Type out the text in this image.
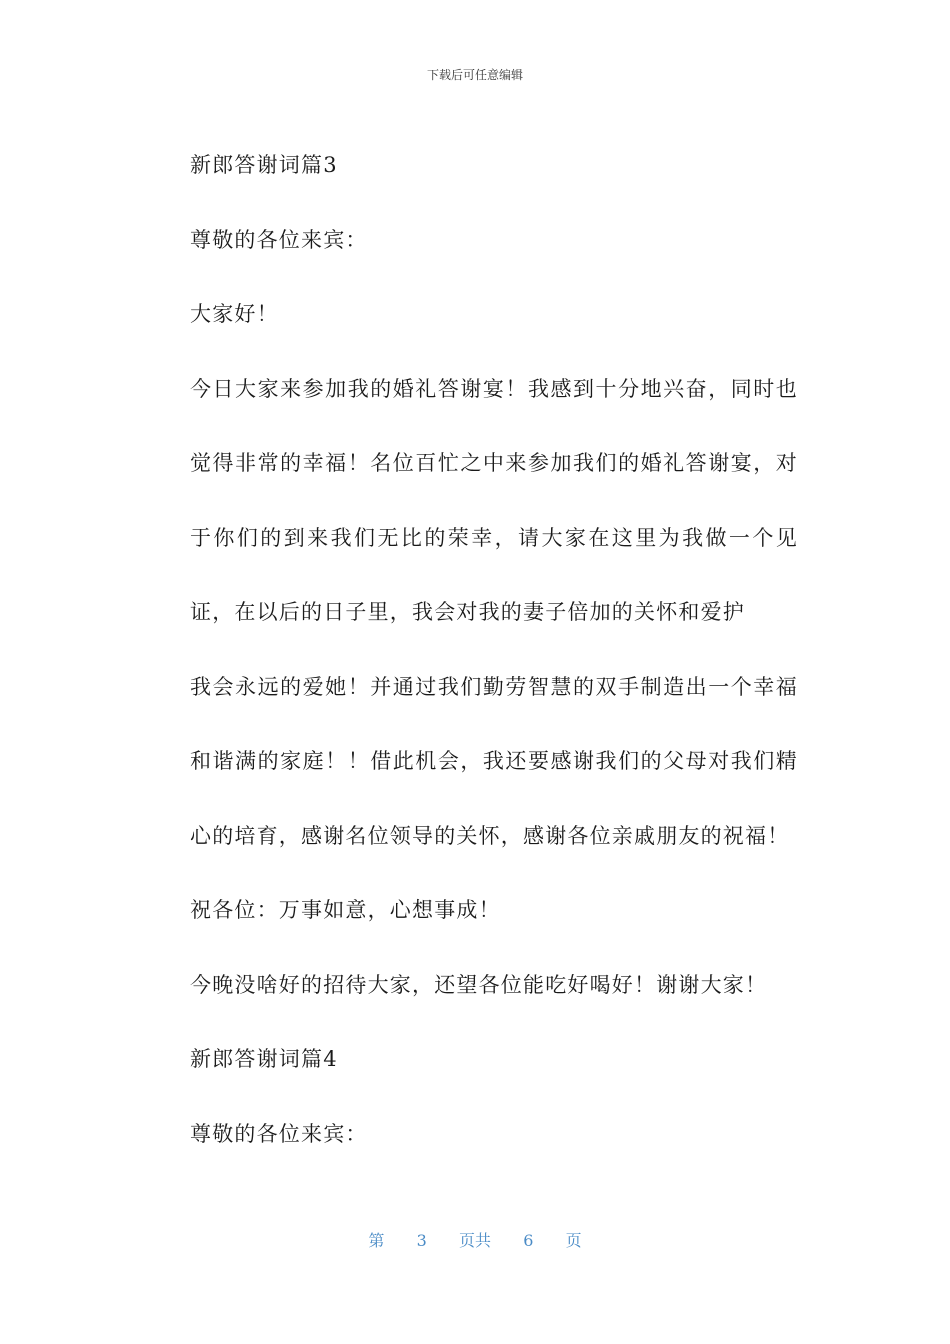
下载后可任意编辑

新郎答谢词篇3

尊敬的各位来宾：

大家好！

今日大家来参加我的婚礼答谢宴！我感到十分地兴奋，同时也觉得非常的幸福！名位百忙之中来参加我们的婚礼答谢宴，对于你们的到来我们无比的荣幸，请大家在这里为我做一个见证，在以后的日子里，我会对我的妻子倍加的关怀和爱护

我会永远的爱她！并通过我们勤劳智慧的双手制造出一个幸福和谐满的家庭！！借此机会，我还要感谢我们的父母对我们精心的培育，感谢名位领导的关怀，感谢各位亲戚朋友的祝福！

祝各位：万事如意，心想事成！

今晚没啥好的招待大家，还望各位能吃好喝好！谢谢大家！

新郎答谢词篇4

尊敬的各位来宾：

第 3 页共 6 页
